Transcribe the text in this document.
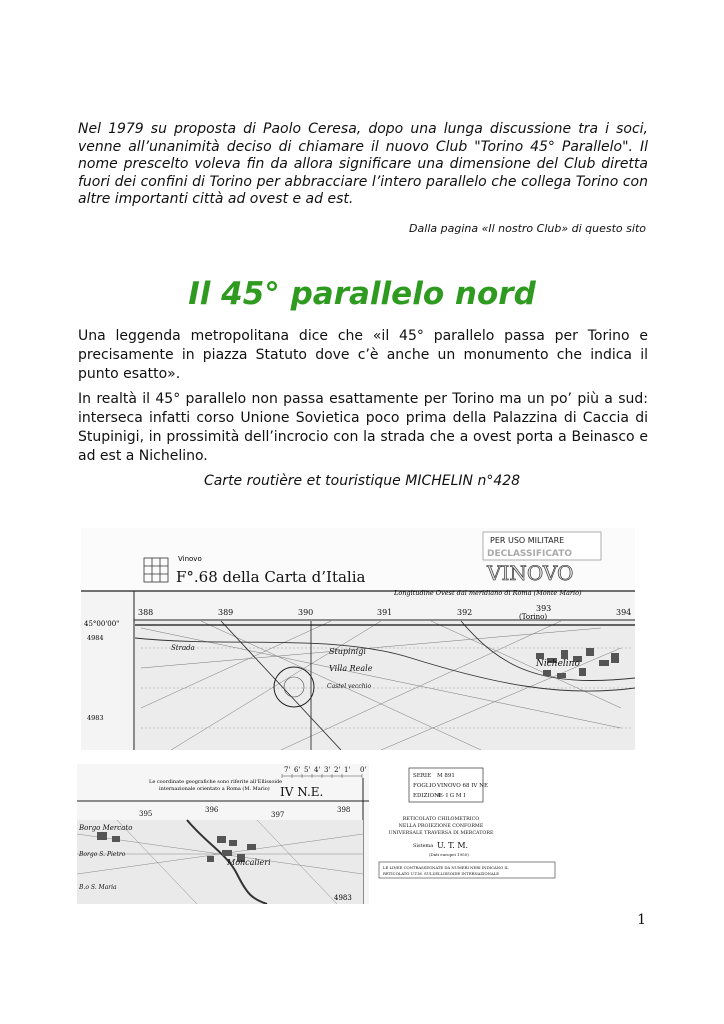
Nel 1979 su proposta di Paolo Ceresa, dopo una lunga discussione tra i soci, venne all’unanimità deciso di chiamare il nuovo Club "Torino 45° Parallelo". Il nome prescelto voleva fin da allora significare una dimensione del Club diretta fuori dei confini di Torino per abbracciare l’intero parallelo che collega Torino con altre importanti città ad ovest e ad est.

Dalla pagina «Il nostro Club» di questo sito

Il 45° parallelo nord

Una leggenda metropolitana dice che «il 45° parallelo passa per Torino e precisamente in piazza Statuto dove c’è anche un monumento che indica il punto esatto».

In realtà il 45° parallelo non passa esattamente per Torino ma un po’ più a sud: interseca infatti corso Unione Sovietica poco prima della Palazzina di Caccia di Stupinigi, in prossimità dell’incrocio con la strada che a ovest porta a Beinasco e ad est a Nichelino.

Carte routière et touristique MICHELIN n°428

Vinovo
F°.68 della Carta d’Italia
PER USO MILITARE
DECLASSIFICATO
VINOVO
Longitudine Ovest dal meridiano di Roma (Monte Mario)
388	389	390	391	392	393	394
(Torino)
45°00'00"
4984
4983
Stupinigi
Villa Reale
Castel vecchio
Nichelino
Strada
7' 6' 5' 4' 3' 2' 1' 0'
Le coordinate geografiche sono riferite all’Ellissoide
internazionale orientato a Roma (M. Mario) IV N.E.
395	396
397
398
Borgo Mercato
Moncalieri
Borgo S. Pietro
B.o S. Maria
4983
SERIE M 891
FOGLIO VINOVO 68 IV NE
EDIZIONE
4 - I G M I
RETICOLATO CHILOMETRICO
NELLA PROIEZIONE CONFORME
UNIVERSALE TRAVERSA DI MERCATORE
Sistema U. T. M.
(Dati europei 1950)
LE LINEE CONTRASSEGNATE DA NUMERI NERI INDICANO IL
RETICOLATO U.T.M. SULL’ELLISSOIDE INTERNAZIONALE
1
